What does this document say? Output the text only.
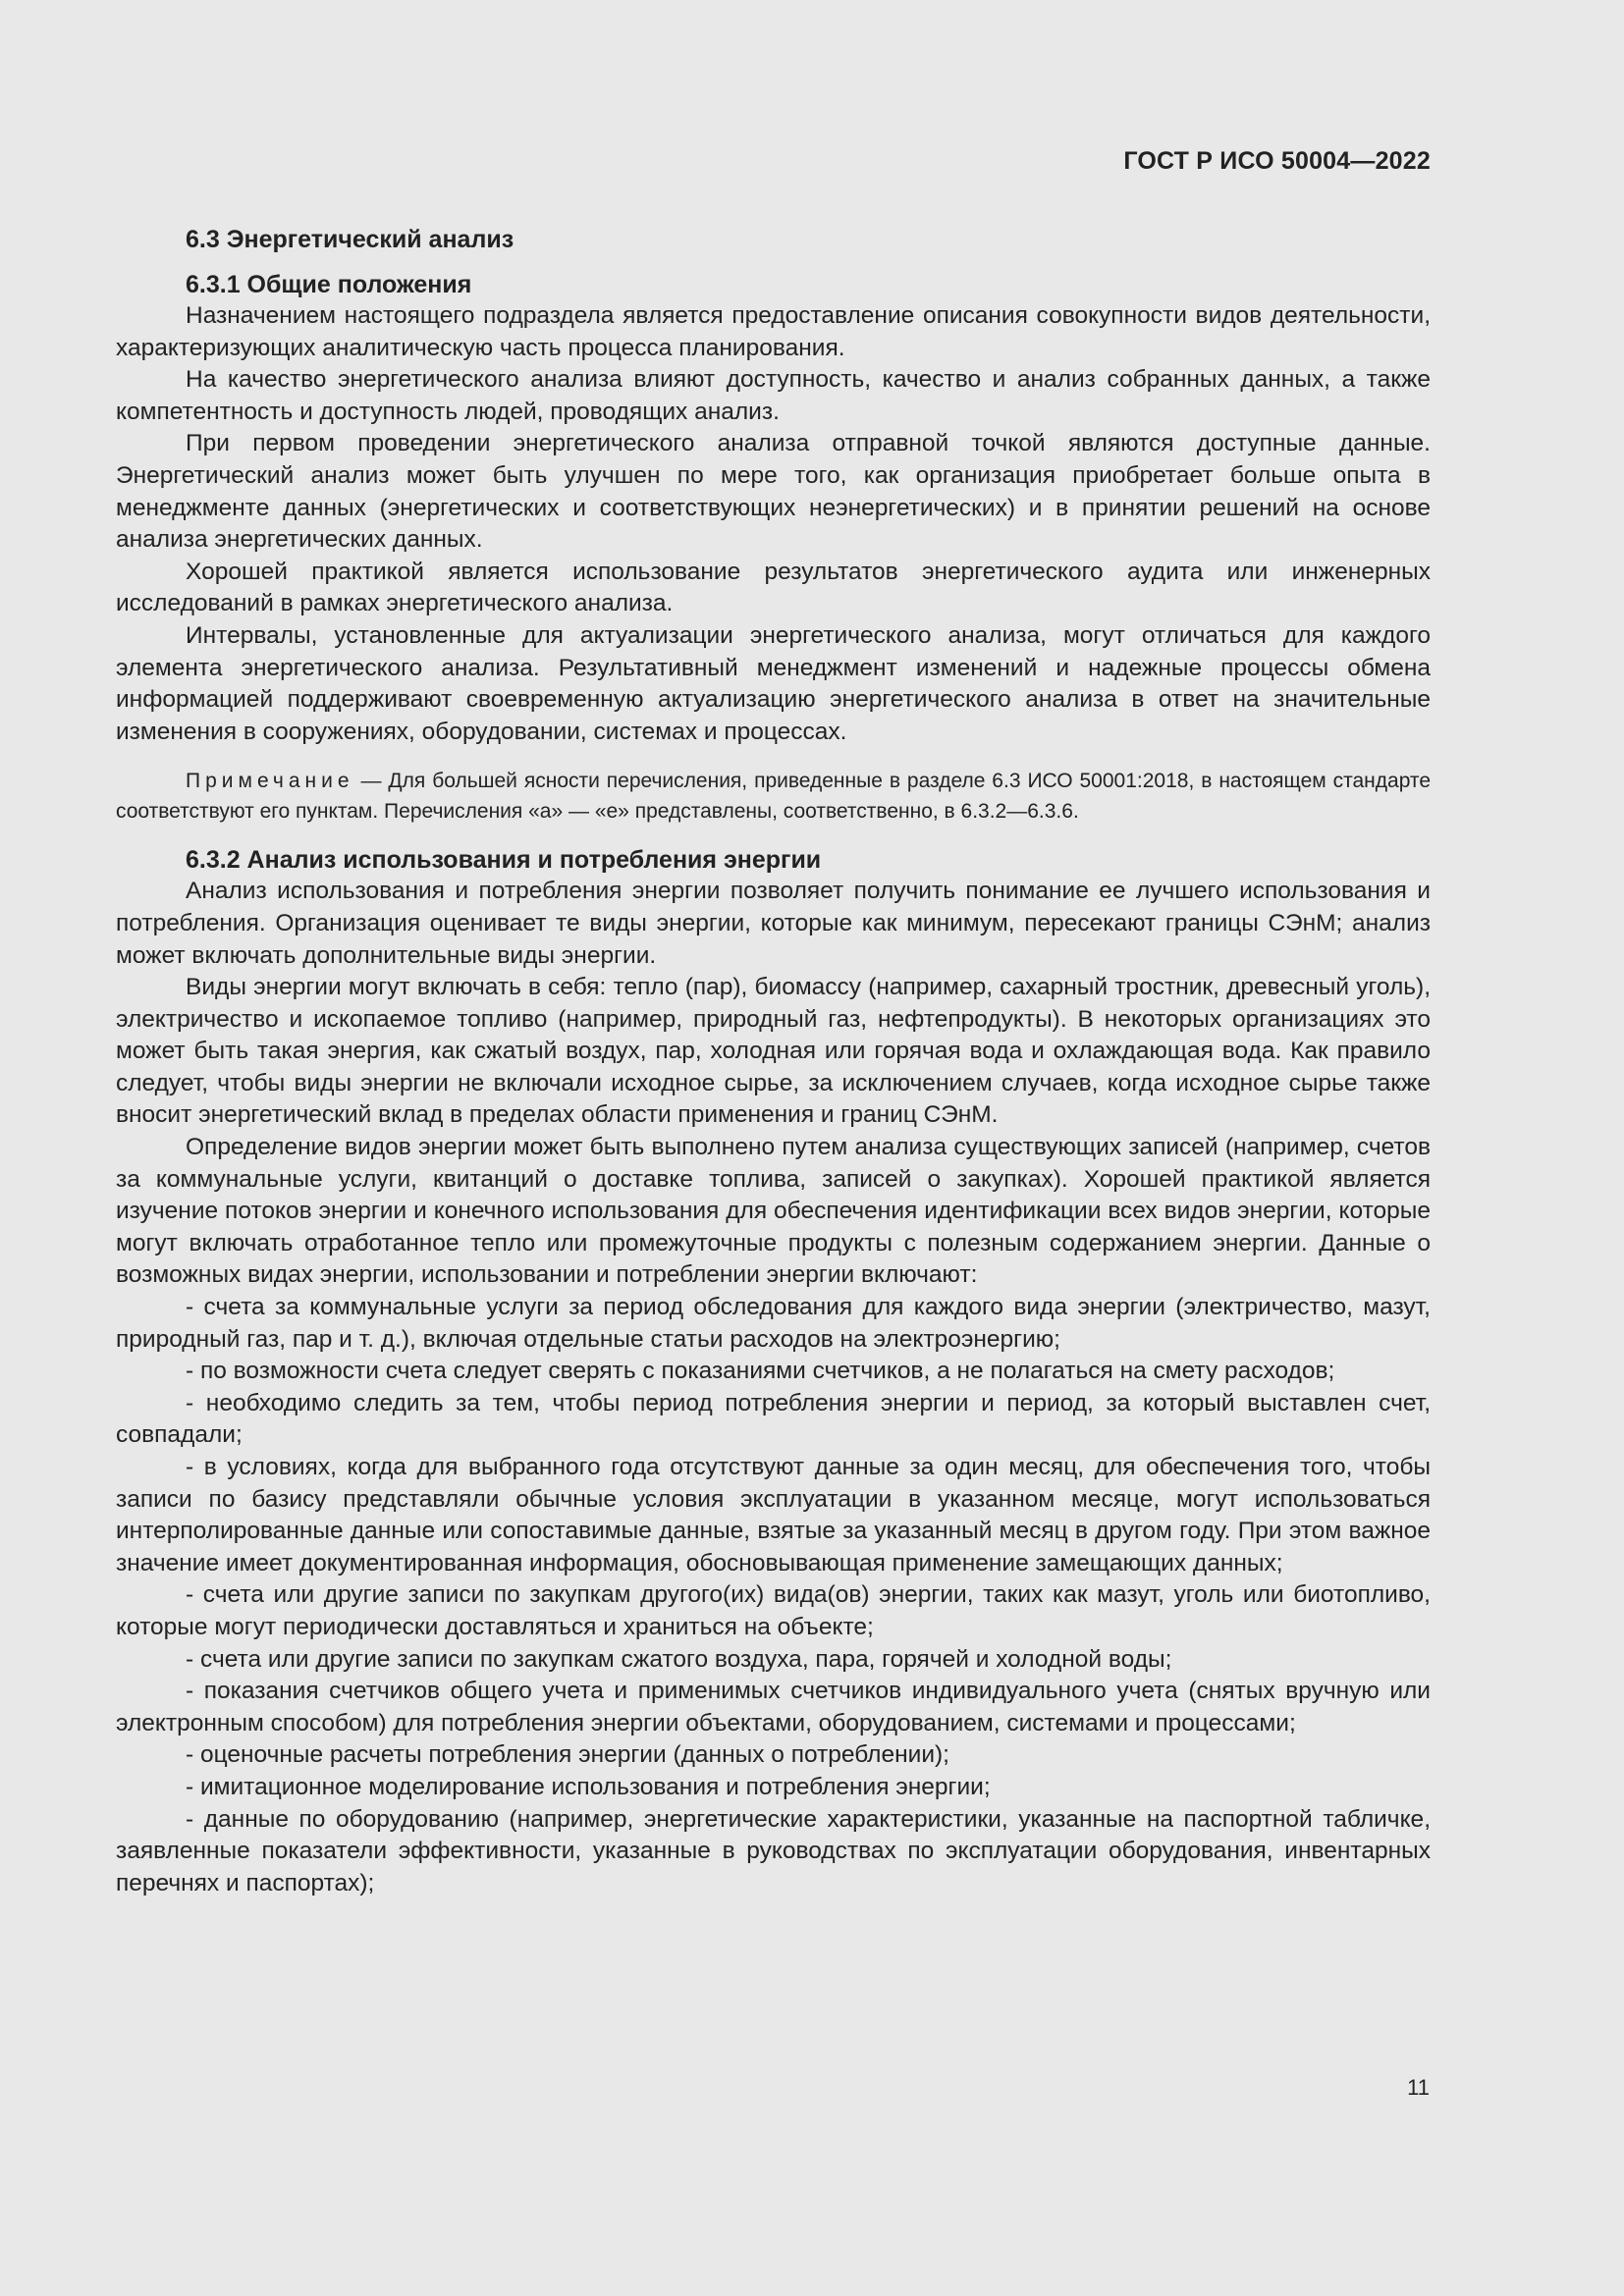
ГОСТ Р ИСО 50004—2022

6.3 Энергетический анализ

6.3.1 Общие положения

Назначением настоящего подраздела является предоставление описания совокупности видов деятельности, характеризующих аналитическую часть процесса планирования.

На качество энергетического анализа влияют доступность, качество и анализ собранных данных, а также компетентность и доступность людей, проводящих анализ.

При первом проведении энергетического анализа отправной точкой являются доступные данные. Энергетический анализ может быть улучшен по мере того, как организация приобретает больше опыта в менеджменте данных (энергетических и соответствующих неэнергетических) и в принятии решений на основе анализа энергетических данных.

Хорошей практикой является использование результатов энергетического аудита или инженерных исследований в рамках энергетического анализа.

Интервалы, установленные для актуализации энергетического анализа, могут отличаться для каждого элемента энергетического анализа. Результативный менеджмент изменений и надежные процессы обмена информацией поддерживают своевременную актуализацию энергетического анализа в ответ на значительные изменения в сооружениях, оборудовании, системах и процессах.

Примечание — Для большей ясности перечисления, приведенные в разделе 6.3 ИСО 50001:2018, в настоящем стандарте соответствуют его пунктам. Перечисления «а» — «е» представлены, соответственно, в 6.3.2—6.3.6.

6.3.2 Анализ использования и потребления энергии

Анализ использования и потребления энергии позволяет получить понимание ее лучшего использования и потребления. Организация оценивает те виды энергии, которые как минимум, пересекают границы СЭнМ; анализ может включать дополнительные виды энергии.

Виды энергии могут включать в себя: тепло (пар), биомассу (например, сахарный тростник, древесный уголь), электричество и ископаемое топливо (например, природный газ, нефтепродукты). В некоторых организациях это может быть такая энергия, как сжатый воздух, пар, холодная или горячая вода и охлаждающая вода. Как правило следует, чтобы виды энергии не включали исходное сырье, за исключением случаев, когда исходное сырье также вносит энергетический вклад в пределах области применения и границ СЭнМ.

Определение видов энергии может быть выполнено путем анализа существующих записей (например, счетов за коммунальные услуги, квитанций о доставке топлива, записей о закупках). Хорошей практикой является изучение потоков энергии и конечного использования для обеспечения идентификации всех видов энергии, которые могут включать отработанное тепло или промежуточные продукты с полезным содержанием энергии. Данные о возможных видах энергии, использовании и потреблении энергии включают:

- счета за коммунальные услуги за период обследования для каждого вида энергии (электричество, мазут, природный газ, пар и т. д.), включая отдельные статьи расходов на электроэнергию;

- по возможности счета следует сверять с показаниями счетчиков, а не полагаться на смету расходов;

- необходимо следить за тем, чтобы период потребления энергии и период, за который выставлен счет, совпадали;

- в условиях, когда для выбранного года отсутствуют данные за один месяц, для обеспечения того, чтобы записи по базису представляли обычные условия эксплуатации в указанном месяце, могут использоваться интерполированные данные или сопоставимые данные, взятые за указанный месяц в другом году. При этом важное значение имеет документированная информация, обосновывающая применение замещающих данных;

- счета или другие записи по закупкам другого(их) вида(ов) энергии, таких как мазут, уголь или биотопливо, которые могут периодически доставляться и храниться на объекте;

- счета или другие записи по закупкам сжатого воздуха, пара, горячей и холодной воды;

- показания счетчиков общего учета и применимых счетчиков индивидуального учета (снятых вручную или электронным способом) для потребления энергии объектами, оборудованием, системами и процессами;

- оценочные расчеты потребления энергии (данных о потреблении);

- имитационное моделирование использования и потребления энергии;

- данные по оборудованию (например, энергетические характеристики, указанные на паспортной табличке, заявленные показатели эффективности, указанные в руководствах по эксплуатации оборудования, инвентарных перечнях и паспортах);

11
